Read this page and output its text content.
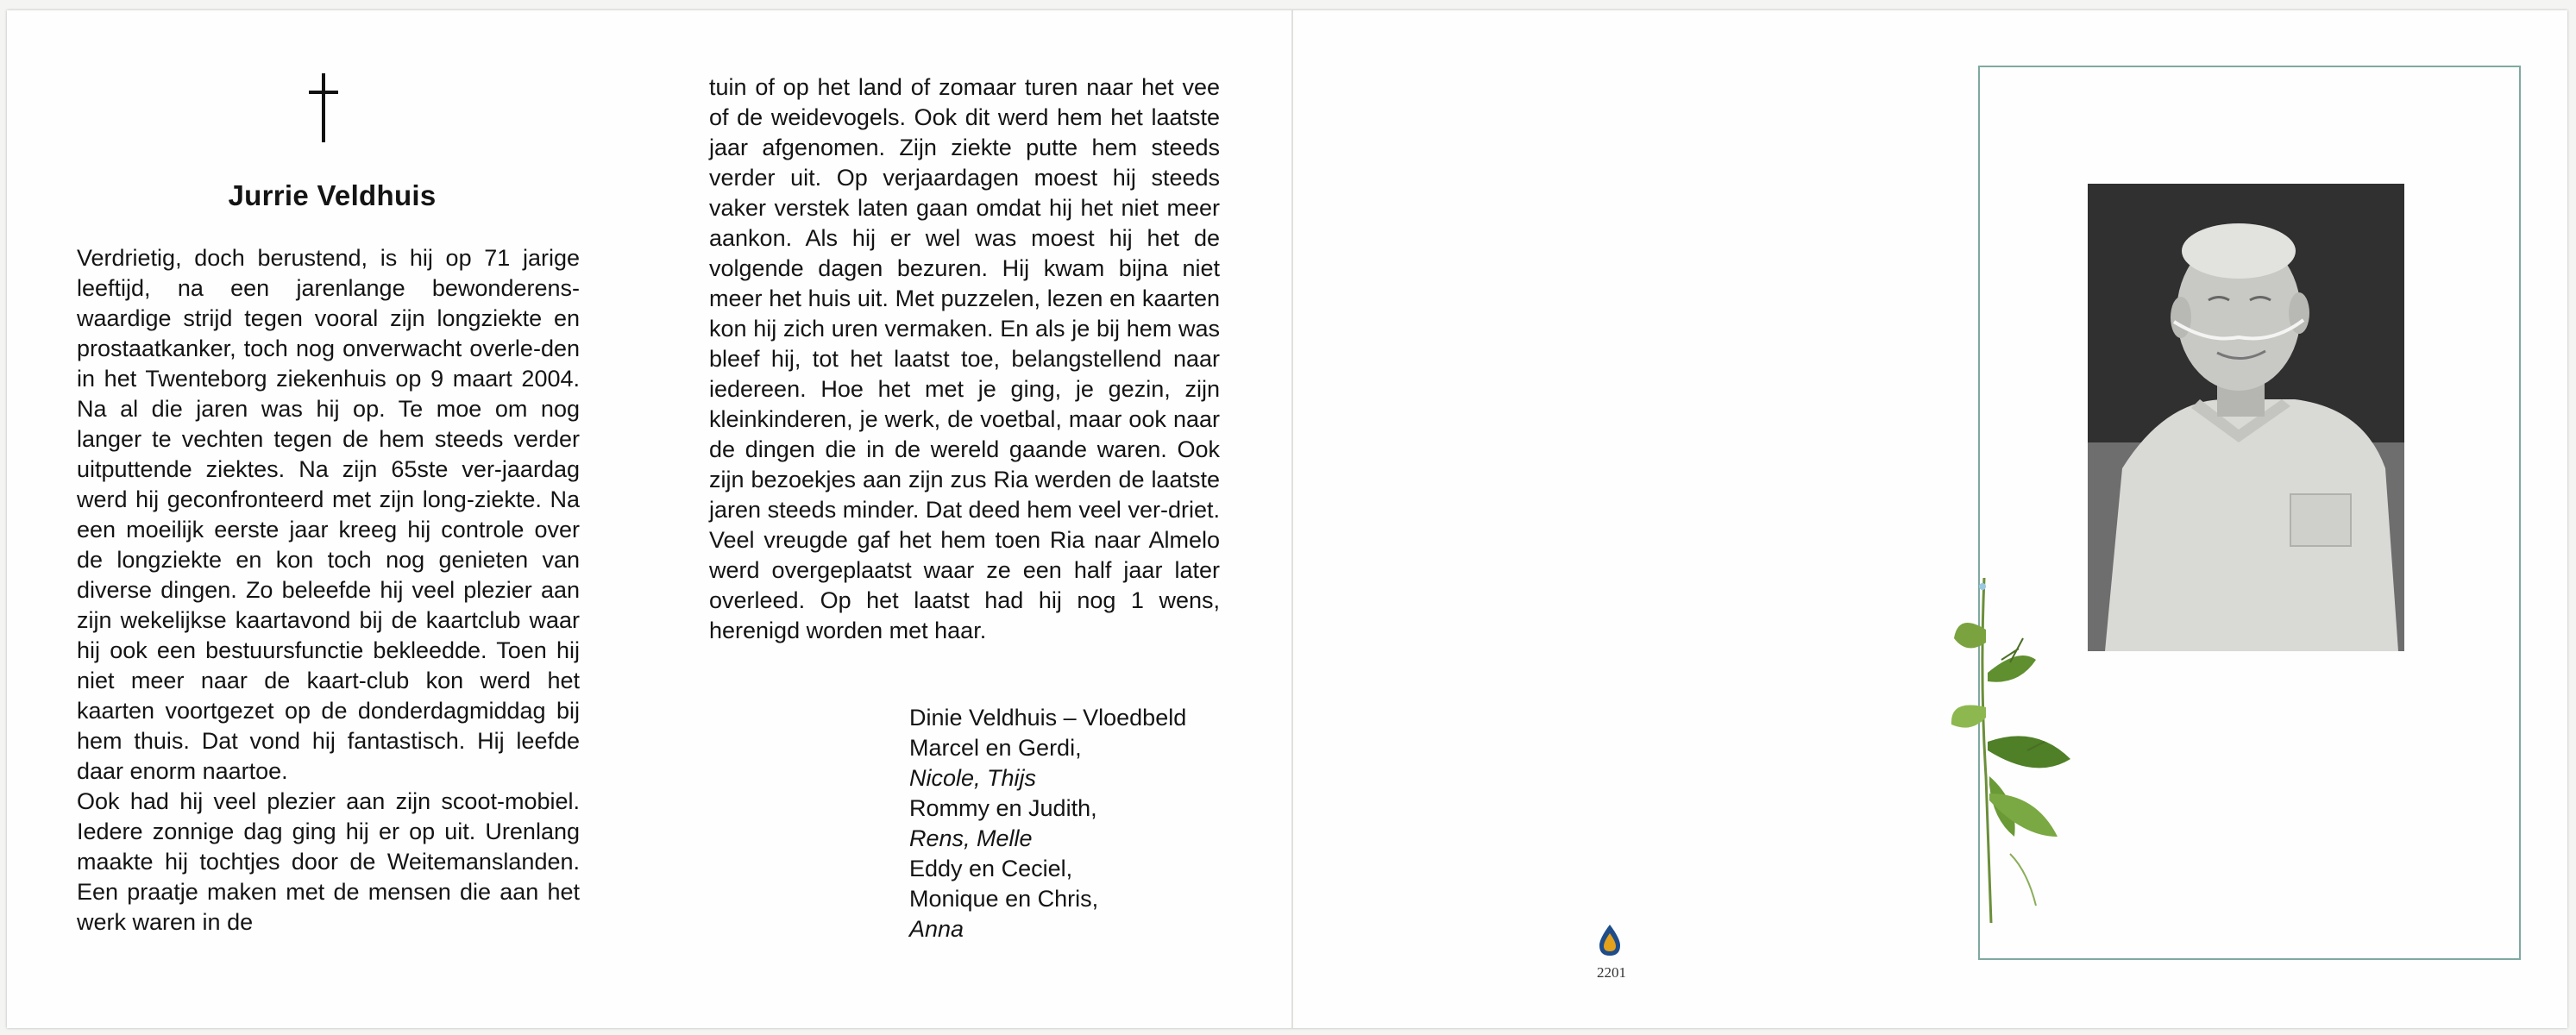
Jurrie Veldhuis

Verdrietig, doch berustend, is hij op 71 jarige leeftijd, na een jarenlange bewonderens-waardige strijd tegen vooral zijn longziekte en prostaatkanker, toch nog onverwacht overle-den in het Twenteborg ziekenhuis op 9 maart 2004. Na al die jaren was hij op. Te moe om nog langer te vechten tegen de hem steeds verder uitputtende ziektes. Na zijn 65ste ver-jaardag werd hij geconfronteerd met zijn long-ziekte. Na een moeilijk eerste jaar kreeg hij controle over de longziekte en kon toch nog genieten van diverse dingen. Zo beleefde hij veel plezier aan zijn wekelijkse kaartavond bij de kaartclub waar hij ook een bestuursfunctie bekleedde. Toen hij niet meer naar de kaart-club kon werd het kaarten voortgezet op de donderdagmiddag bij hem thuis. Dat vond hij fantastisch. Hij leefde daar enorm naartoe.

Ook had hij veel plezier aan zijn scoot-mobiel. Iedere zonnige dag ging hij er op uit. Urenlang maakte hij tochtjes door de Weitemanslanden. Een praatje maken met de mensen die aan het werk waren in de

tuin of op het land of zomaar turen naar het vee of de weidevogels. Ook dit werd hem het laatste jaar afgenomen. Zijn ziekte putte hem steeds verder uit. Op verjaardagen moest hij steeds vaker verstek laten gaan omdat hij het niet meer aankon. Als hij er wel was moest hij het de volgende dagen bezuren. Hij kwam bijna niet meer het huis uit. Met puzzelen, lezen en kaarten kon hij zich uren vermaken. En als je bij hem was bleef hij, tot het laatst toe, belangstellend naar iedereen. Hoe het met je ging, je gezin, zijn kleinkinderen, je werk, de voetbal, maar ook naar de dingen die in de wereld gaande waren. Ook zijn bezoekjes aan zijn zus Ria werden de laatste jaren steeds minder. Dat deed hem veel ver-driet. Veel vreugde gaf het hem toen Ria naar Almelo werd overgeplaatst waar ze een half jaar later overleed. Op het laatst had hij nog 1 wens, herenigd worden met haar.

Dinie Veldhuis – Vloedbeld
Marcel en Gerdi,
Nicole, Thijs
Rommy en Judith,
Rens, Melle
Eddy en Ceciel,
Monique en Chris,
Anna
2201
